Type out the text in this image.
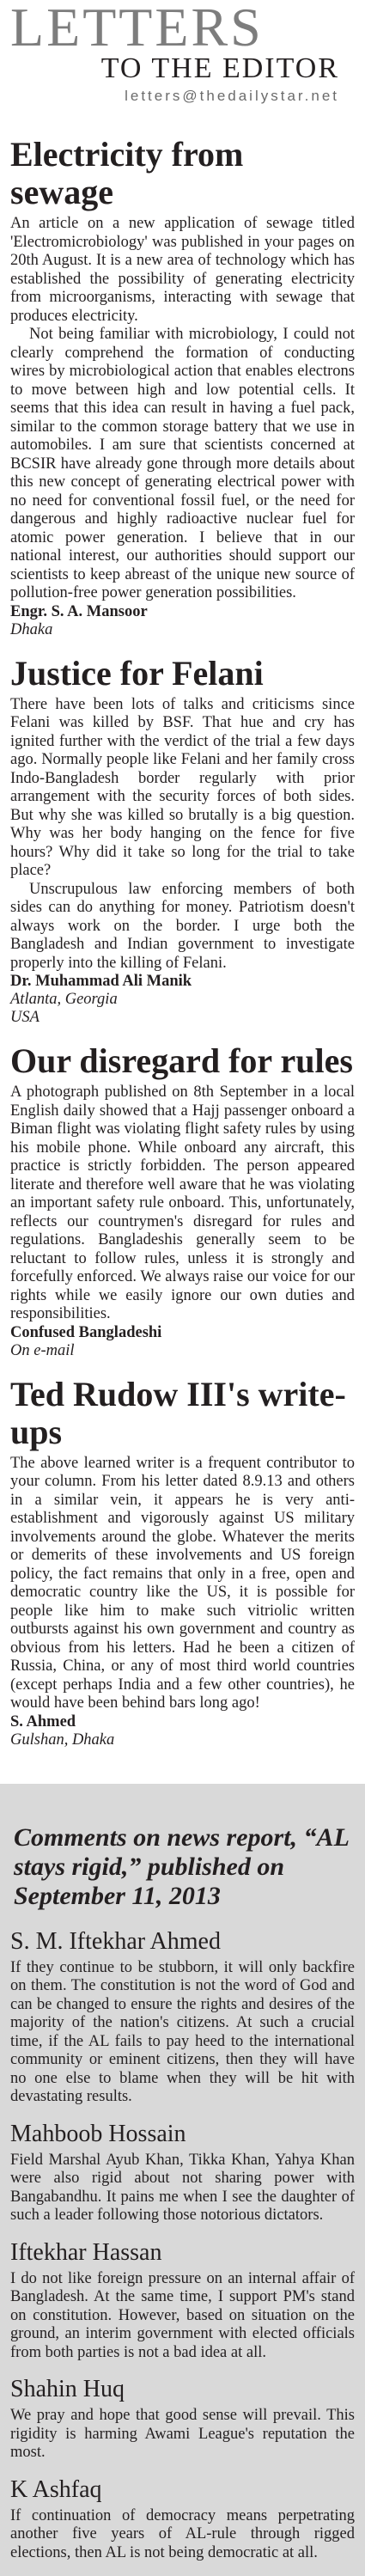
LETTERS
TO THE EDITOR
letters@thedailystar.net
Electricity from sewage

An article on a new application of sewage titled 'Electromicrobiology' was published in your pages on 20th August. It is a new area of technology which has established the possibility of generating electricity from microorganisms, interacting with sewage that produces electricity.

Not being familiar with microbiology, I could not clearly comprehend the formation of conducting wires by microbiological action that enables electrons to move between high and low potential cells. It seems that this idea can result in having a fuel pack, similar to the common storage battery that we use in automobiles. I am sure that scientists concerned at BCSIR have already gone through more details about this new concept of generating electrical power with no need for conventional fossil fuel, or the need for dangerous and highly radioactive nuclear fuel for atomic power generation. I believe that in our national interest, our authorities should support our scientists to keep abreast of the unique new source of pollution-free power generation possibilities.

Engr. S. A. Mansoor
Dhaka
Justice for Felani

There have been lots of talks and criticisms since Felani was killed by BSF. That hue and cry has ignited further with the verdict of the trial a few days ago. Normally people like Felani and her family cross Indo-Bangladesh border regularly with prior arrangement with the security forces of both sides. But why she was killed so brutally is a big question. Why was her body hanging on the fence for five hours? Why did it take so long for the trial to take place?

Unscrupulous law enforcing members of both sides can do anything for money. Patriotism doesn't always work on the border. I urge both the Bangladesh and Indian government to investigate properly into the killing of Felani.

Dr. Muhammad Ali Manik
Atlanta, Georgia
USA
Our disregard for rules

A photograph published on 8th September in a local English daily showed that a Hajj passenger onboard a Biman flight was violating flight safety rules by using his mobile phone. While onboard any aircraft, this practice is strictly forbidden. The person appeared literate and therefore well aware that he was violating an important safety rule onboard. This, unfortunately, reflects our countrymen's disregard for rules and regulations. Bangladeshis generally seem to be reluctant to follow rules, unless it is strongly and forcefully enforced. We always raise our voice for our rights while we easily ignore our own duties and responsibilities.

Confused Bangladeshi
On e-mail
Ted Rudow III's write-ups

The above learned writer is a frequent contributor to your column. From his letter dated 8.9.13 and others in a similar vein, it appears he is very anti-establishment and vigorously against US military involvements around the globe. Whatever the merits or demerits of these involvements and US foreign policy, the fact remains that only in a free, open and democratic country like the US, it is possible for people like him to make such vitriolic written outbursts against his own government and country as obvious from his letters. Had he been a citizen of Russia, China, or any of most third world countries (except perhaps India and a few other countries), he would have been behind bars long ago!

S. Ahmed
Gulshan, Dhaka
Comments on news report, “AL stays rigid,” published on September 11, 2013
S. M. Iftekhar Ahmed

If they continue to be stubborn, it will only backfire on them. The constitution is not the word of God and can be changed to ensure the rights and desires of the majority of the nation's citizens. At such a crucial time, if the AL fails to pay heed to the international community or eminent citizens, then they will have no one else to blame when they will be hit with devastating results.

Mahboob Hossain

Field Marshal Ayub Khan, Tikka Khan, Yahya Khan were also rigid about not sharing power with Bangabandhu. It pains me when I see the daughter of such a leader following those notorious dictators.

Iftekhar Hassan

I do not like foreign pressure on an internal affair of Bangladesh. At the same time, I support PM's stand on constitution. However, based on situation on the ground, an interim government with elected officials from both parties is not a bad idea at all.

Shahin Huq

We pray and hope that good sense will prevail. This rigidity is harming Awami League's reputation the most.

K Ashfaq

If continuation of democracy means perpetrating another five years of AL-rule through rigged elections, then AL is not being democratic at all.
